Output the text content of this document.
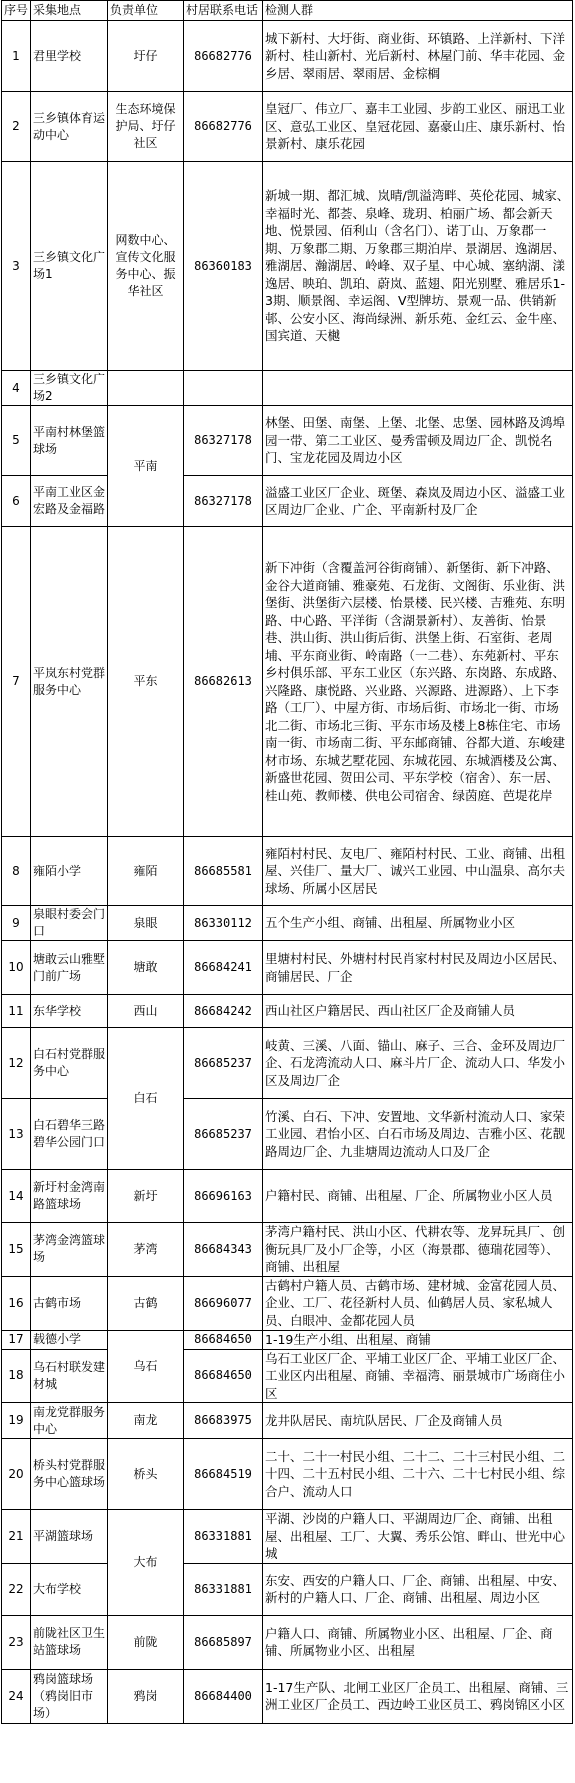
序号	采集地点	负责单位	村居联系电话	检测人群
1	君里学校	圩仔	86682776	城下新村、大圩街、商业街、环镇路、上洋新村、下洋新村、桂山新村、光后新村、林屋门前、华丰花园、金乡居、翠雨居、翠雨居、金棕榈
2	三乡镇体育运动中心	生态环境保护局、圩仔社区	86682776	皇冠厂、伟立厂、嘉丰工业园、步韵工业区、丽迅工业区、意弘工业区、皇冠花园、嘉豪山庄、康乐新村、怡景新村、康乐花园
3	三乡镇文化广场1	网数中心、宣传文化服务中心、振华社区	86360183	新城一期、都汇城、岚晴/凯溢湾畔、英伦花园、城家、幸福时光、都荟、泉峰、珑玥、柏丽广场、都会新天地、悦景园、佰利山（含名门）、诺丁山、万象郡一期、万象郡二期、万象郡三期泊岸、景湖居、逸湖居、雅湖居、瀚湖居、岭峰、双子星、中心城、塞纳湖、漾逸居、映珀、凯珀、蔚岚、蓝翅、阳光别墅、雅居乐1-3期、顺景阁、幸运阁、V型牌坊、景观一品、供销新邨、公安小区、海尚绿洲、新乐苑、金红云、金牛座、国宾道、天樾
4	三乡镇文化广场2			
5	平南村林堡篮球场	平南	86327178	林堡、田堡、南堡、上堡、北堡、忠堡、园林路及鸿埠园一带、第二工业区、曼秀雷顿及周边厂企、凯悦名门、宝龙花园及周边小区
6	平南工业区金宏路及金福路		86327178	溢盛工业区厂企业、斑堡、森岚及周边小区、溢盛工业区周边厂企业、广企、平南新村及厂企
7	平岚东村党群服务中心	平东	86682613	新下冲街（含覆盖河谷街商铺）、新堡街、新下冲路、金谷大道商铺、雅豪苑、石龙街、文阁街、乐业街、洪堡街、洪堡街六层楼、怡景楼、民兴楼、吉雅苑、东明路、中心路、平洋街（含湖景新村）、友善街、怡景巷、洪山街、洪山街后街、洪堡上街、石室街、老周埔、平东商业街、岭南路（一二巷）、东苑新村、平东乡村俱乐部、平东工业区（东兴路、东岗路、东成路、兴隆路、康悦路、兴业路、兴源路、进源路）、上下李路（工厂）、中屋方街、市场后街、市场北一街、市场北二街、市场北三街、平东市场及楼上8栋住宅、市场南一街、市场南二街、平东邮商铺、谷都大道、东峻建材市场、东城艺墅花园、东城花园、东城酒楼及公寓、新盛世花园、贺田公司、平东学校（宿舍）、东一居、桂山苑、教师楼、供电公司宿舍、绿茵庭、芭堤花岸
8	雍陌小学	雍陌	86685581	雍陌村村民、友电厂、雍陌村村民、工业、商铺、出租屋、兴佳厂、量大厂、诚兴工业园、中山温泉、高尔夫球场、所属小区居民
9	泉眼村委会门口	泉眼	86330112	五个生产小组、商铺、出租屋、所属物业小区
10	塘敢云山雅墅门前广场	塘敢	86684241	里塘村村民、外塘村村民肖家村村民及周边小区居民、商铺居民、厂企
11	东华学校	西山	86684242	西山社区户籍居民、西山社区厂企及商铺人员
12	白石村党群服务中心	白石	86685237	岐黄、三溪、八面、锚山、麻子、三合、金环及周边厂企、石龙湾流动人口、麻斗片厂企、流动人口、华发小区及周边厂企
13	白石碧华三路碧华公园门口		86685237	竹溪、白石、下冲、安置地、文华新村流动人口、家荣工业园、君怡小区、白石市场及周边、吉雅小区、花靓路周边厂企、九韭塘周边流动人口及厂企
14	新圩村金湾南路篮球场	新圩	86696163	户籍村民、商铺、出租屋、厂企、所属物业小区人员
15	茅湾金湾篮球场	茅湾	86684343	茅湾户籍村民、洪山小区、代耕农等、龙昇玩具厂、创衡玩具厂及小厂企等，小区（海景郡、德瑞花园等）、商铺、出租屋
16	古鹤市场	古鹤	86696077	古鹤村户籍人员、古鹤市场、建材城、金富花园人员、企业、工厂、花径新村人员、仙鹤居人员、家私城人员、白眼冲、金都花园人员
17	载德小学	乌石	86684650	1-19生产小组、出租屋、商铺
18	乌石村联发建材城		86684650	乌石工业区厂企、平埔工业区厂企、平埔工业区厂企、工业区内出租屋、商铺、幸福湾、丽景城市广场商住小区
19	南龙党群服务中心	南龙	86683975	龙井队居民、南坑队居民、厂企及商铺人员
20	桥头村党群服务中心篮球场	桥头	86684519	二十、二十一村民小组、二十二、二十三村民小组、二十四、二十五村民小组、二十六、二十七村民小组、综合户、流动人口
21	平湖篮球场	大布	86331881	平湖、沙岗的户籍人口、平湖周边厂企、商铺、出租屋、出租屋、工厂、大翼、秀乐公馆、畔山、世光中心城
22	大布学校		86331881	东安、西安的户籍人口、厂企、商铺、出租屋、中安、新村的户籍人口、厂企、商铺、出租屋、周边小区
23	前陇社区卫生站篮球场	前陇	86685897	户籍人口、商铺、所属物业小区、出租屋、厂企、商铺、所属物业小区、出租屋
24	鸦岗篮球场（鸦岗旧市场）	鸦岗	86684400	1-17生产队、北闸工业区厂企员工、出租屋、商铺、三洲工业区厂企员工、西边岭工业区员工、鸦岗锦区小区
